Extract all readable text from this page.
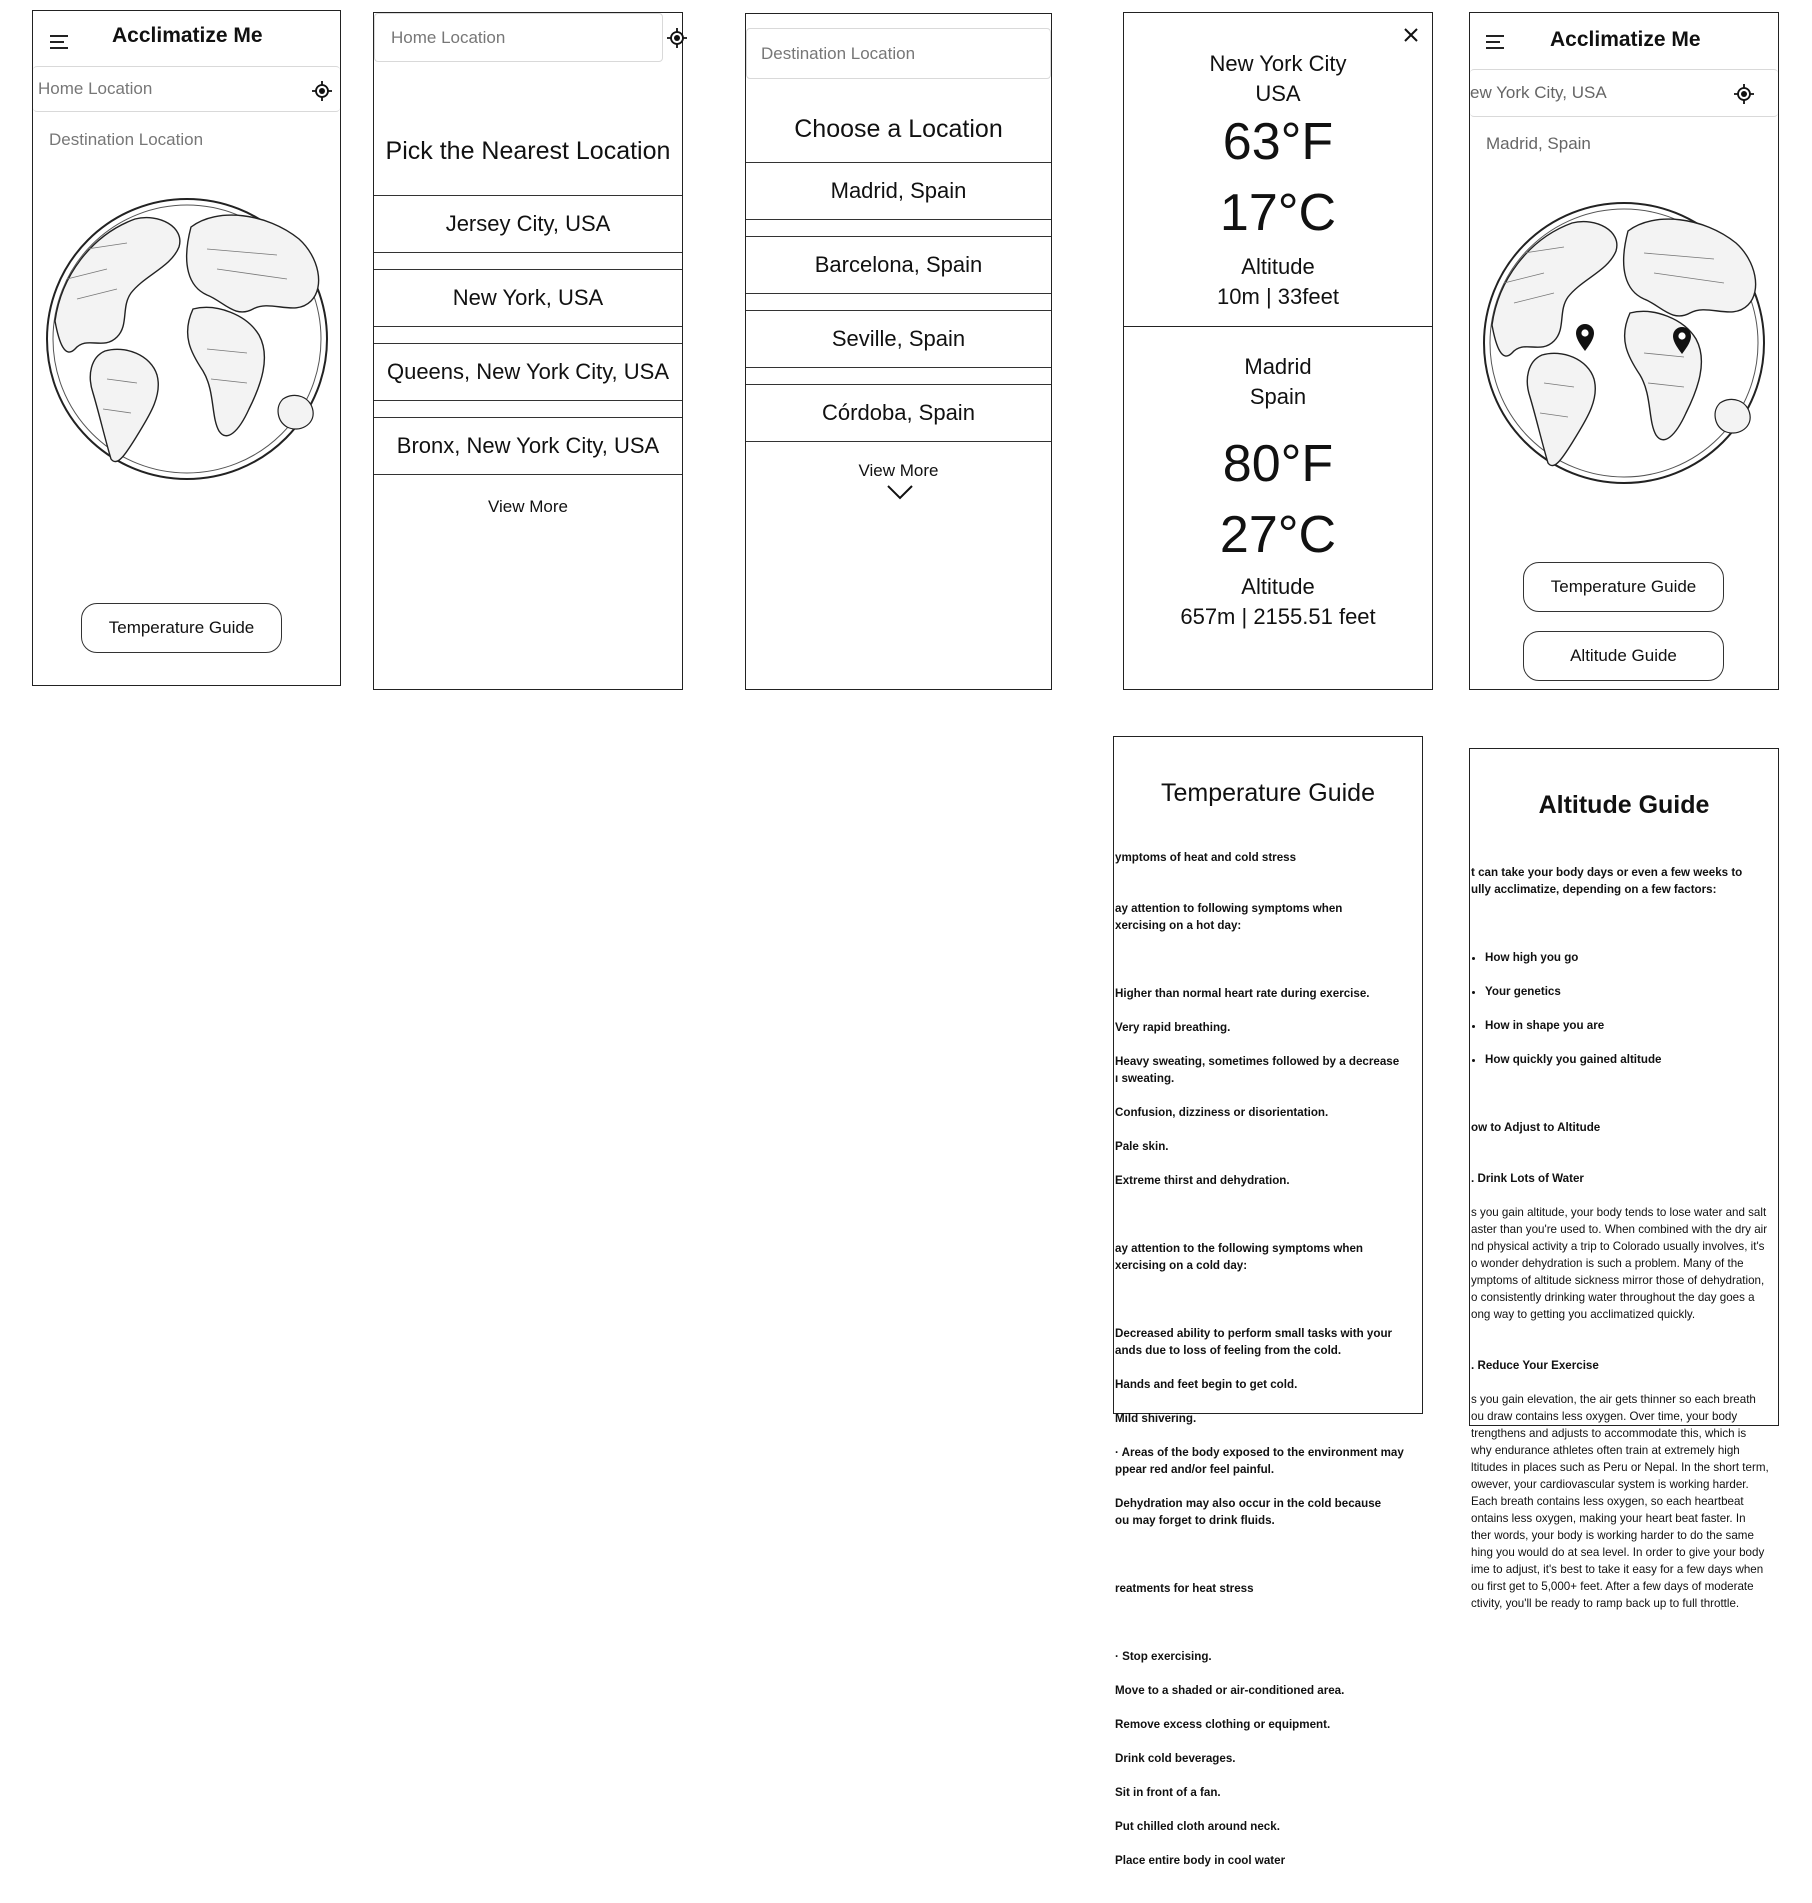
Acclimatize Me
Home Location
Destination Location
Temperature Guide
Home Location
Pick the Nearest Location
Jersey City, USA
New York, USA
Queens, New York City, USA
Bronx, New York City, USA
View More
Destination Location
Choose a Location
Madrid, Spain
Barcelona, Spain
Seville, Spain
Córdoba, Spain
View More
New York City
USA
63°F
17°C
Altitude
10m | 33feet
Madrid
Spain
80°F
27°C
Altitude
657m | 2155.51 feet
Acclimatize Me
ew York City, USA
Madrid, Spain
Temperature Guide
Altitude Guide
Temperature Guide

ymptoms of heat and cold stress

ay attention to following symptoms when
xercising on a hot day:

Higher than normal heart rate during exercise.

Very rapid breathing.

Heavy sweating, sometimes followed by a decrease
ı sweating.

Confusion, dizziness or disorientation.

Pale skin.

Extreme thirst and dehydration.

ay attention to the following symptoms when
xercising on a cold day:

Decreased ability to perform small tasks with your
ands due to loss of feeling from the cold.

Hands and feet begin to get cold.

Mild shivering.

· Areas of the body exposed to the environment may
ppear red and/or feel painful.

Dehydration may also occur in the cold because
ou may forget to drink fluids.

reatments for heat stress

· Stop exercising.

Move to a shaded or air-conditioned area.

Remove excess clothing or equipment.

Drink cold beverages.

Sit in front of a fan.

Put chilled cloth around neck.

Place entire body in cool water

Altitude Guide

t can take your body days or even a few weeks to
ully acclimatize, depending on a few factors:

• How high you go

• Your genetics

• How in shape you are

• How quickly you gained altitude

ow to Adjust to Altitude

. Drink Lots of Water

s you gain altitude, your body tends to lose water and salt
aster than you're used to. When combined with the dry air
nd physical activity a trip to Colorado usually involves, it's
o wonder dehydration is such a problem. Many of the
ymptoms of altitude sickness mirror those of dehydration,
o consistently drinking water throughout the day goes a
ong way to getting you acclimatized quickly.

. Reduce Your Exercise

s you gain elevation, the air gets thinner so each breath
ou draw contains less oxygen. Over time, your body
trengthens and adjusts to accommodate this, which is
why endurance athletes often train at extremely high
ltitudes in places such as Peru or Nepal. In the short term,
owever, your cardiovascular system is working harder.
Each breath contains less oxygen, so each heartbeat
ontains less oxygen, making your heart beat faster. In
ther words, your body is working harder to do the same
hing you would do at sea level. In order to give your body
ime to adjust, it's best to take it easy for a few days when
ou first get to 5,000+ feet. After a few days of moderate
ctivity, you'll be ready to ramp back up to full throttle.
